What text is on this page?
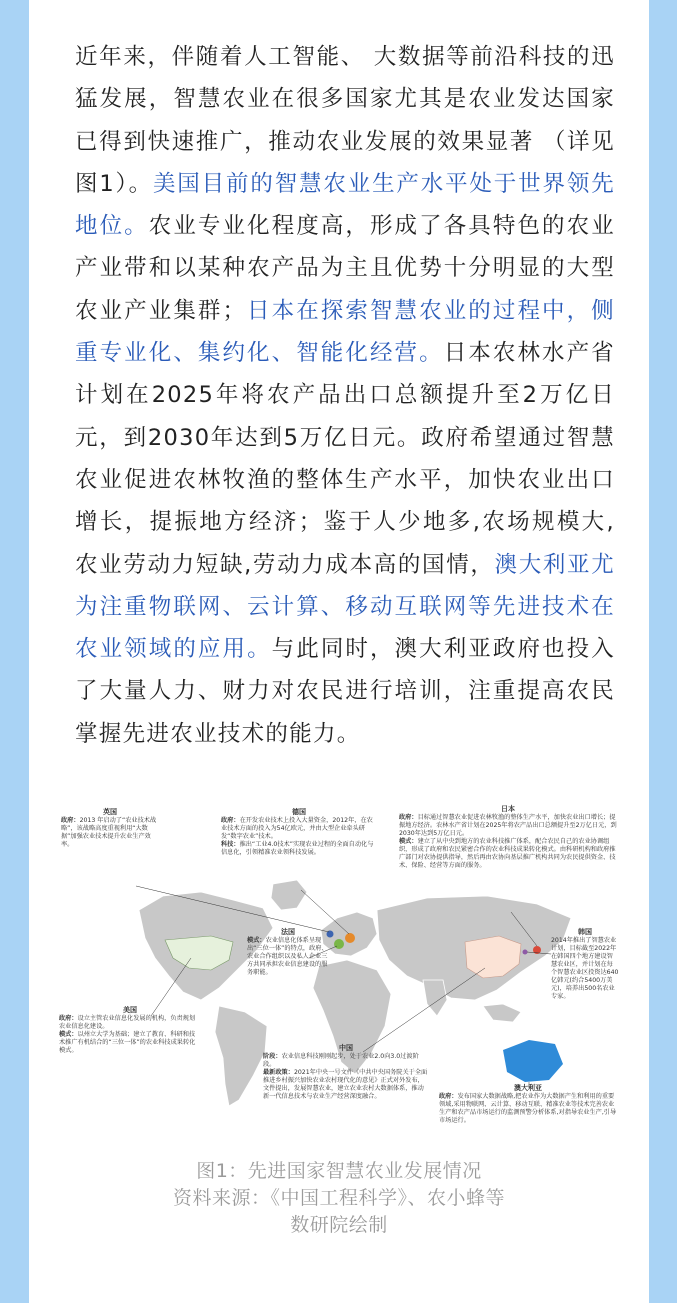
近年来，伴随着人工智能、 大数据等前沿科技的迅猛发展，智慧农业在很多国家尤其是农业发达国家已得到快速推广，推动农业发展的效果显著 （详见图1）。美国目前的智慧农业生产水平处于世界领先地位。农业专业化程度高，形成了各具特色的农业产业带和以某种农产品为主且优势十分明显的大型农业产业集群；日本在探索智慧农业的过程中，侧重专业化、集约化、智能化经营。日本农林水产省计划在2025年将农产品出口总额提升至2万亿日元，到2030年达到5万亿日元。政府希望通过智慧农业促进农林牧渔的整体生产水平，加快农业出口增长，提振地方经济；鉴于人少地多,农场规模大,农业劳动力短缺,劳动力成本高的国情，澳大利亚尤为注重物联网、云计算、移动互联网等先进技术在农业领域的应用。与此同时，澳大利亚政府也投入了大量人力、财力对农民进行培训，注重提高农民掌握先进农业技术的能力。
英国
政府：2013 年启动了“农业技术战略”，该战略高度重视利用“大数据”加强农业技术提升农业生产效率。
德国
政府：在开发农业技术上投入大量资金，2012年，在农业技术方面的投入为54亿欧元，并由大型企业牵头研发“数字农业”技术。
科技：推出“工业4.0技术”实现农业过程的全面自动化与信息化，引领精准农业领科技发展。
日本
政府：目标通过智慧农业促进农林牧渔的整体生产水平，加快农业出口增长；提振地方经济。农林水产省计划在2025年将农产品出口总额提升至2万亿日元，到2030年达到5万亿日元。
模式：建立了从中央到地方的农业科技推广体系，配合农民自己的农业协调组织，形成了政府和农民紧密合作的农业科技成果转化模式。由科研机构和政府推广部门对农协提供指导，然后再由农协向基层推广机构共同为农民提供资金、技术、保险、经营等方面的服务。
法国
模式：农业信息化体系呈现出“三位一体”的特点，政府、农业合作组织以及私人企业三方共同承担农业信息建设的服务职能。
韩国
2014年推出了智慧农业计划，目标截至2022年在韩国四个地方建设智慧农业区，并计划在每个智慧农业区投资达640亿韩元(约合5400万美元)，培养出500名农业专家。
美国
政府：设立主管农业信息化发展的机构，负责规划农业信息化建设。
模式：以州立大学为基础；建立了教育、科研和技术推广有机结合的“三位一体”的农业科技成果转化模式。	中国
阶段：农业信息科技刚刚起步，处于农业2.0向3.0过渡阶段。
最新政策：2021年中央一号文件《中共中央国务院关于全面推进乡村振兴加快农业农村现代化的意见》正式对外发布，文件提出，发展智慧农业，建立农业农村大数据体系，推动新一代信息技术与农业生产经营深度融合。
澳大利亚
政府：发布国家大数据战略,把农业作为大数据产生和利用的重要领域,采用物联网、云计算、移动互联、精准农业等技术完善农业生产和农产品市场运行的监测预警分析体系,对指导农业生产,引导市场运行。
图1：先进国家智慧农业发展情况
资料来源：《中国工程科学》、农小蜂等
数研院绘制
